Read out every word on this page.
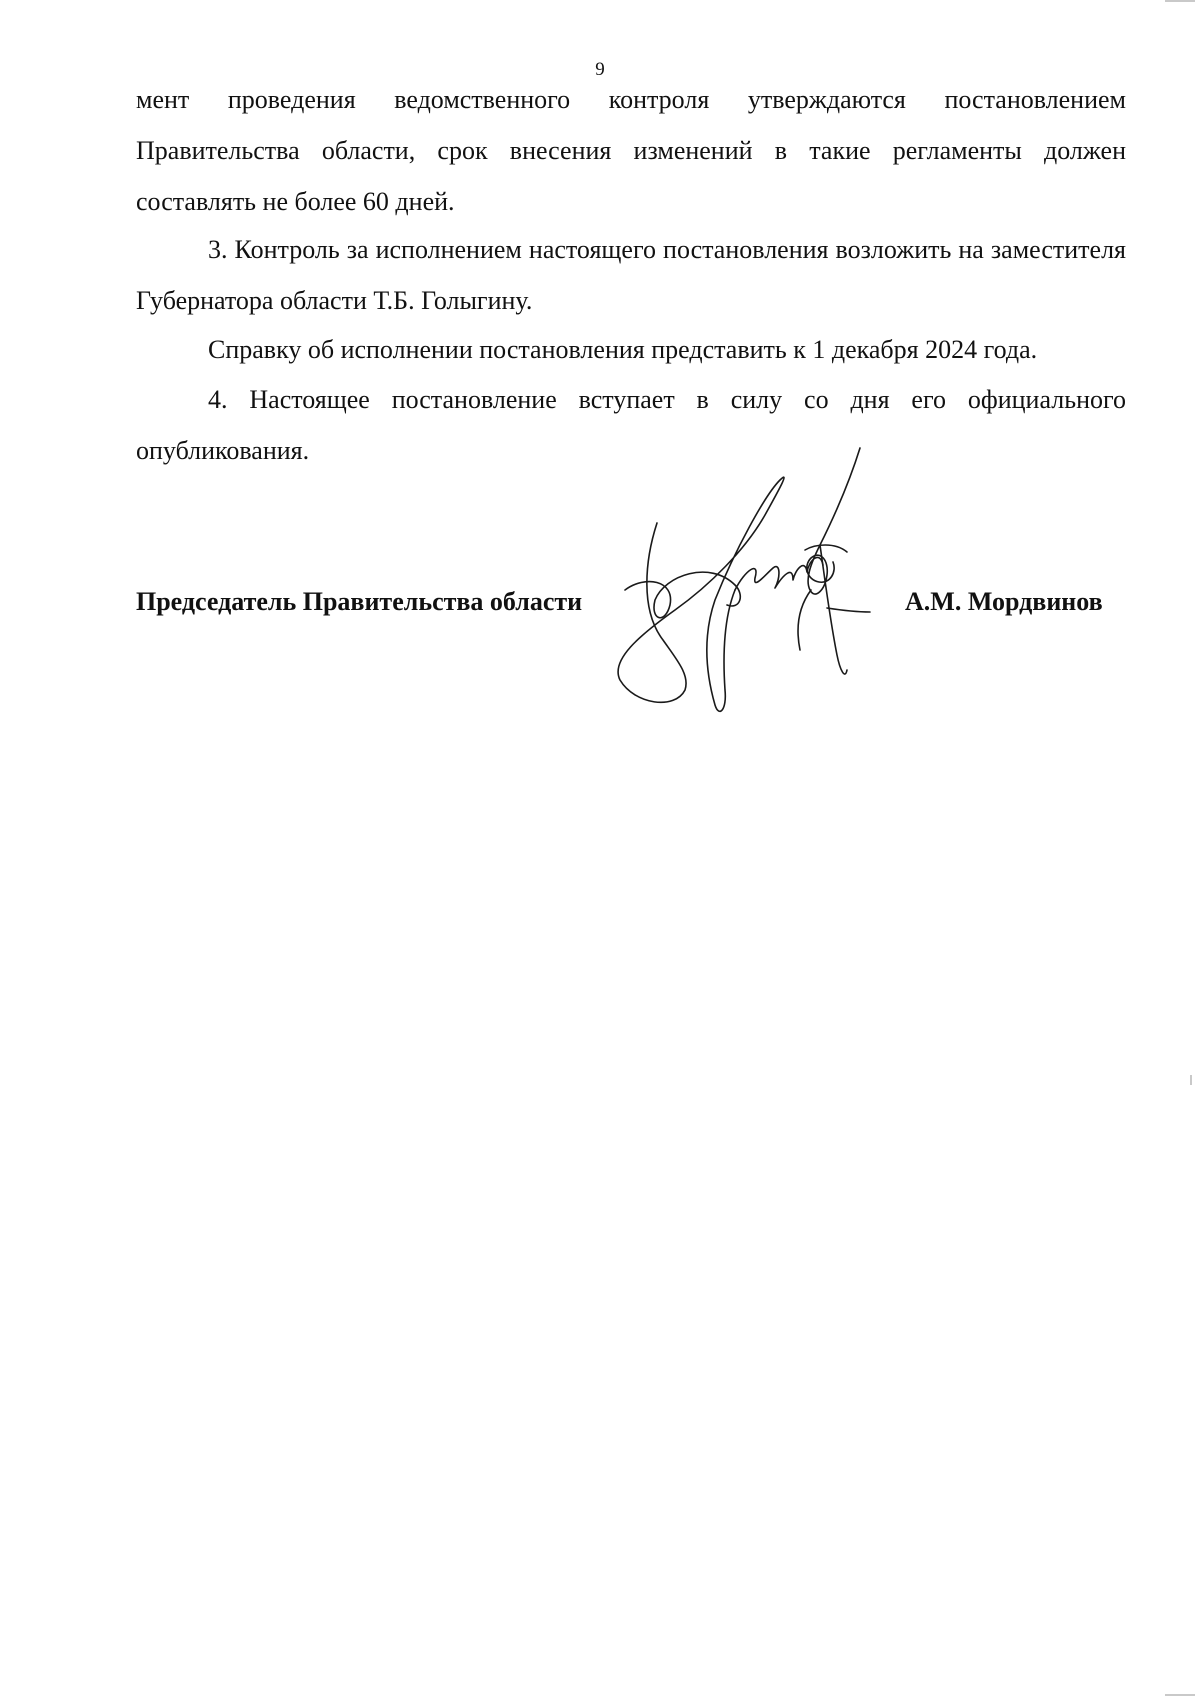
9

мент проведения ведомственного контроля утверждаются постановлением Правительства области, срок внесения изменений в такие регламенты должен составлять не более 60 дней.

3. Контроль за исполнением настоящего постановления возложить на заместителя Губернатора области Т.Б. Голыгину.

Справку об исполнении постановления представить к 1 декабря 2024 года.

4. Настоящее постановление вступает в силу со дня его официального опубликования.

Председатель Правительства области	А.М. Мордвинов
